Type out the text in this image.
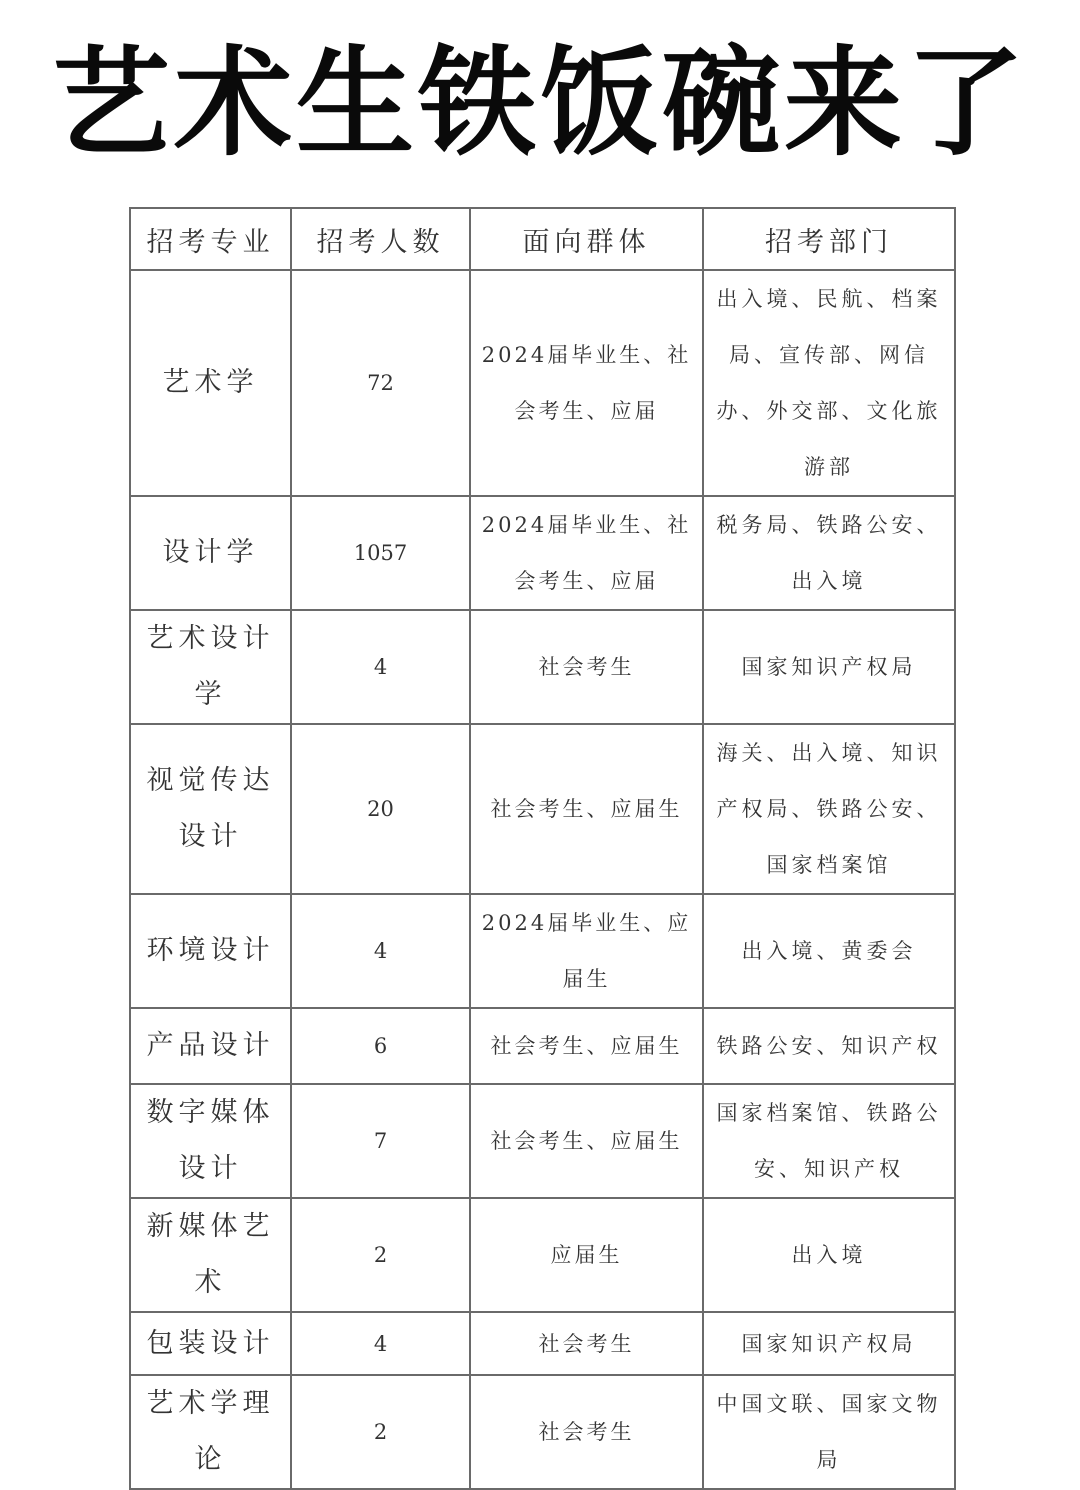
艺术生铁饭碗来了
招考专业	招考人数	面向群体	招考部门
艺术学	72	2024届毕业生、社会考生、应届	出入境、民航、档案局、宣传部、网信办、外交部、文化旅游部
设计学	1057	2024届毕业生、社会考生、应届	税务局、铁路公安、出入境
艺术设计学	4	社会考生	国家知识产权局
视觉传达设计	20	社会考生、应届生	海关、出入境、知识产权局、铁路公安、国家档案馆
环境设计	4	2024届毕业生、应届生	出入境、黄委会
产品设计	6	社会考生、应届生	铁路公安、知识产权
数字媒体设计	7	社会考生、应届生	国家档案馆、铁路公安、知识产权
新媒体艺术	2	应届生	出入境
包装设计	4	社会考生	国家知识产权局
艺术学理论	2	社会考生	中国文联、国家文物局
